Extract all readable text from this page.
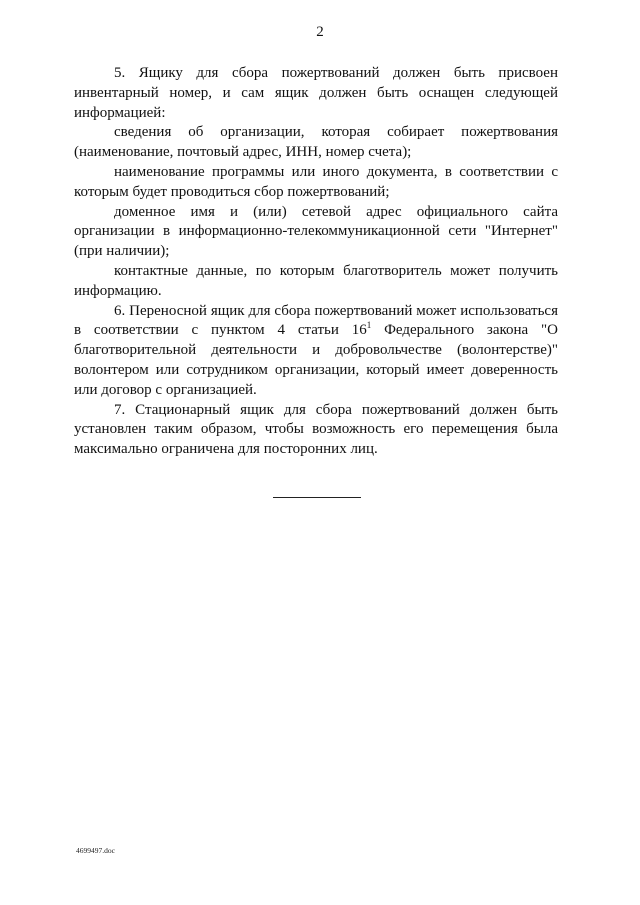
2

5. Ящику для сбора пожертвований должен быть присвоен инвентарный номер, и сам ящик должен быть оснащен следующей информацией:

сведения об организации, которая собирает пожертвования (наименование, почтовый адрес, ИНН, номер счета);

наименование программы или иного документа, в соответствии с которым будет проводиться сбор пожертвований;

доменное имя и (или) сетевой адрес официального сайта организации в информационно-телекоммуникационной сети "Интернет" (при наличии);

контактные данные, по которым благотворитель может получить информацию.

6. Переносной ящик для сбора пожертвований может использоваться в соответствии с пунктом 4 статьи $16^1$ Федерального закона "О благотворительной деятельности и добровольчестве (волонтерстве)" волонтером или сотрудником организации, который имеет доверенность или договор с организацией.

7. Стационарный ящик для сбора пожертвований должен быть установлен таким образом, чтобы возможность его перемещения была максимально ограничена для посторонних лиц.

4699497.doc
